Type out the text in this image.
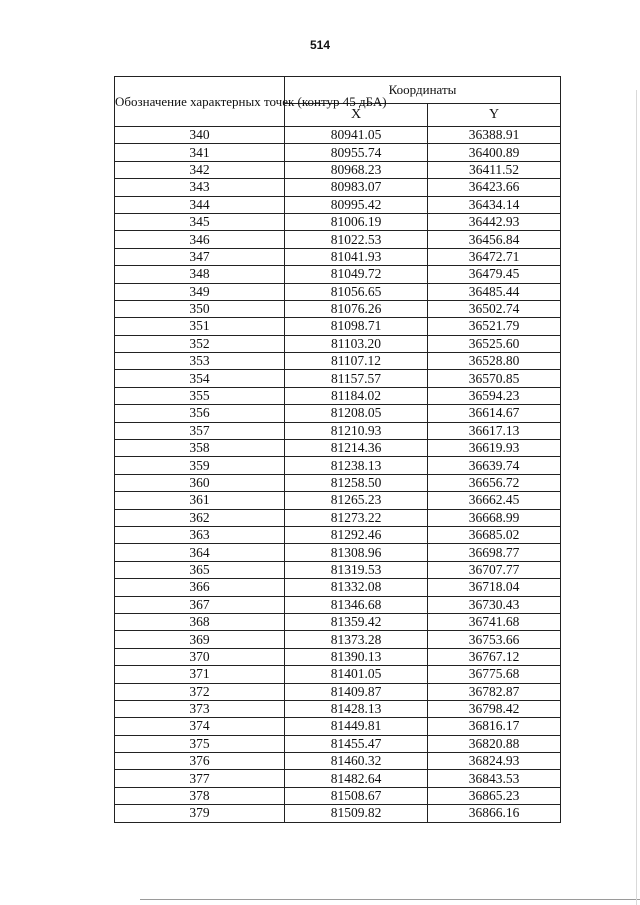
514
Обозначение характерных точек (контур 45 дБА)	Координаты	
	X	Y
340	80941.05	36388.91
341	80955.74	36400.89
342	80968.23	36411.52
343	80983.07	36423.66
344	80995.42	36434.14
345	81006.19	36442.93
346	81022.53	36456.84
347	81041.93	36472.71
348	81049.72	36479.45
349	81056.65	36485.44
350	81076.26	36502.74
351	81098.71	36521.79
352	81103.20	36525.60
353	81107.12	36528.80
354	81157.57	36570.85
355	81184.02	36594.23
356	81208.05	36614.67
357	81210.93	36617.13
358	81214.36	36619.93
359	81238.13	36639.74
360	81258.50	36656.72
361	81265.23	36662.45
362	81273.22	36668.99
363	81292.46	36685.02
364	81308.96	36698.77
365	81319.53	36707.77
366	81332.08	36718.04
367	81346.68	36730.43
368	81359.42	36741.68
369	81373.28	36753.66
370	81390.13	36767.12
371	81401.05	36775.68
372	81409.87	36782.87
373	81428.13	36798.42
374	81449.81	36816.17
375	81455.47	36820.88
376	81460.32	36824.93
377	81482.64	36843.53
378	81508.67	36865.23
379	81509.82	36866.16
